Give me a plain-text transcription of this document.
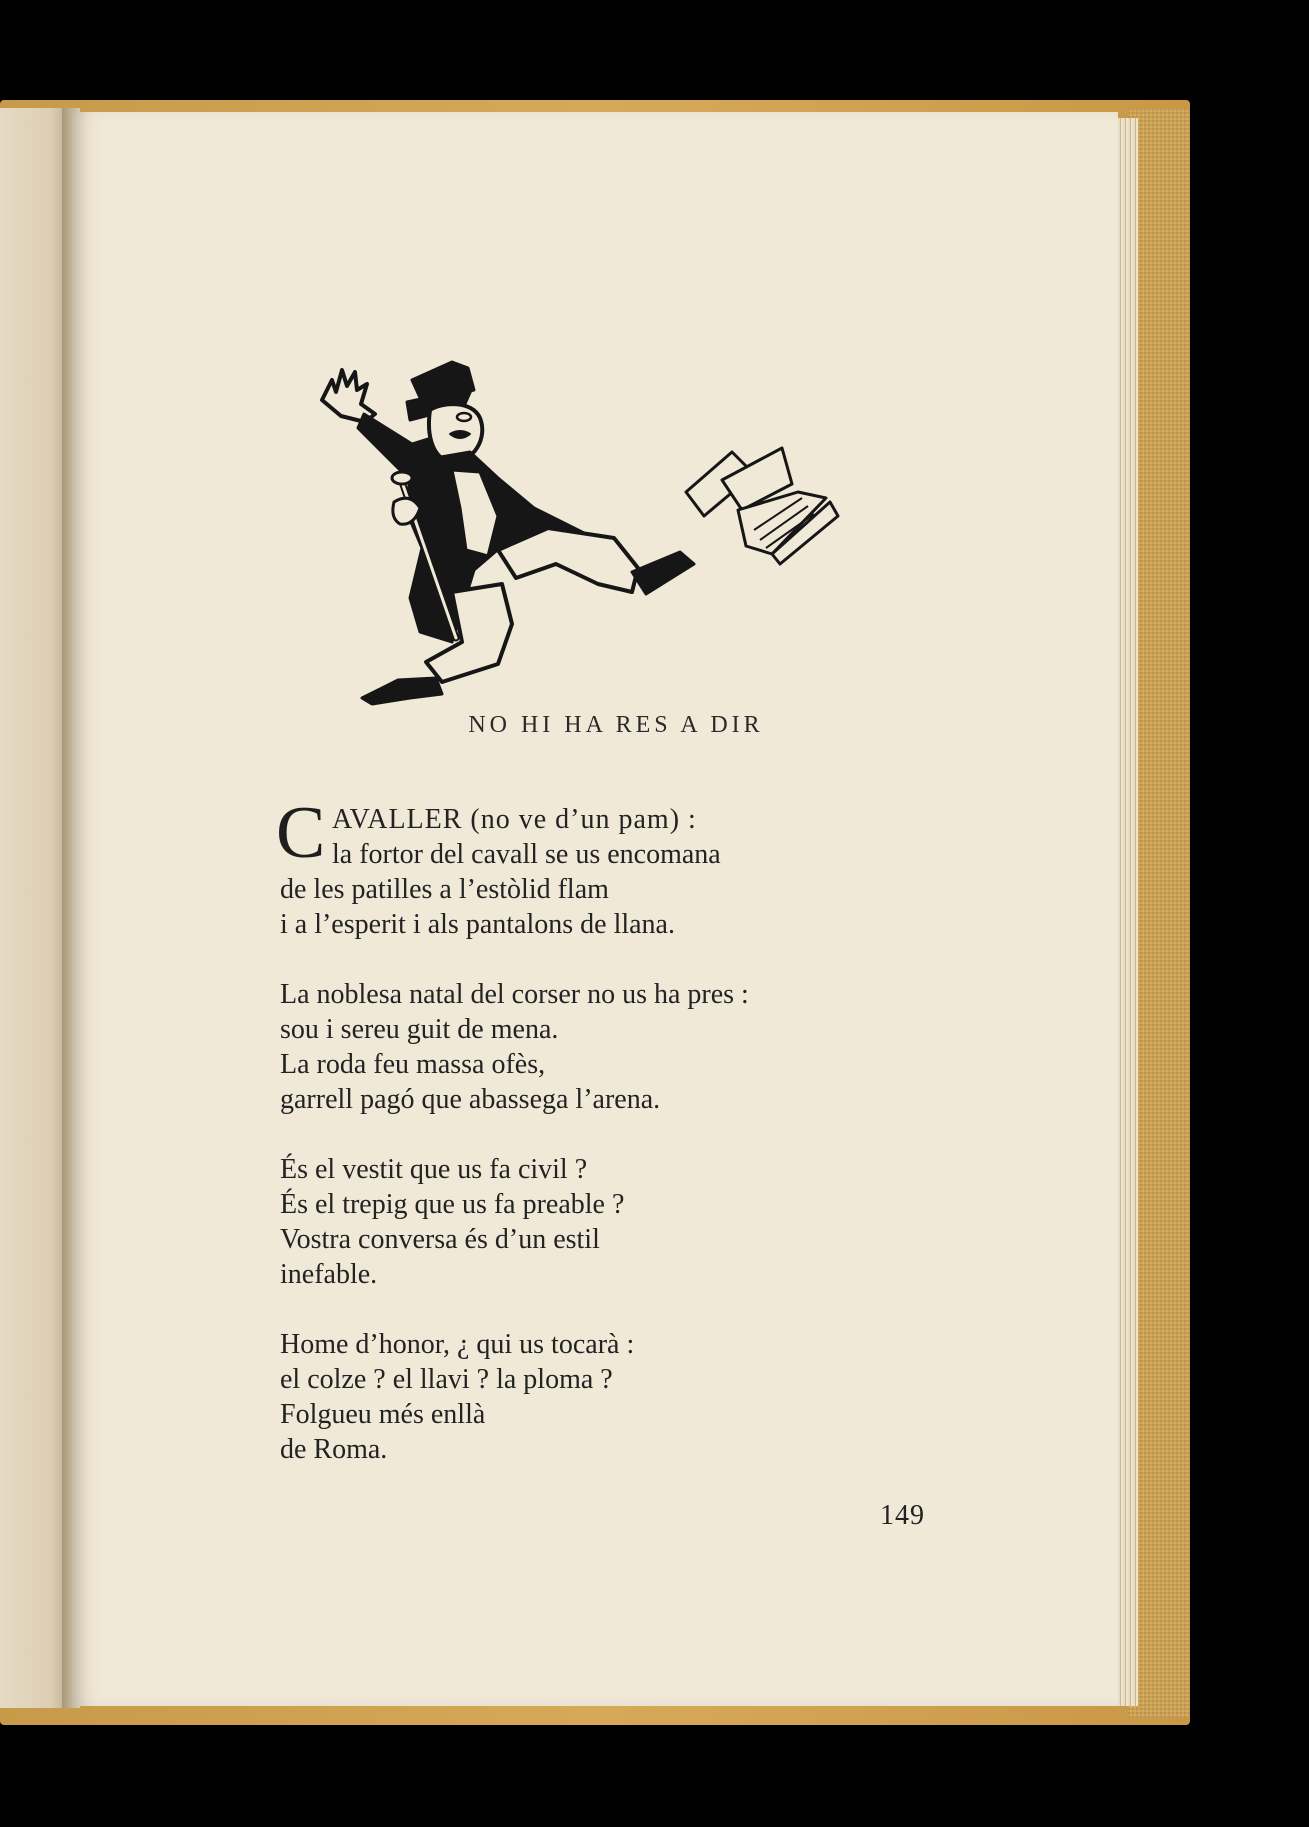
NO HI HA RES A DIR
C AVALLER (no ve d’un pam) :
la fortor del cavall se us encomana
de les patilles a l’estòlid flam
i a l’esperit i als pantalons de llana.
La noblesa natal del corser no us ha pres :
sou i sereu guit de mena.
La roda feu massa ofès,
garrell pagó que abassega l’arena.
És el vestit que us fa civil ?
És el trepig que us fa preable ?
Vostra conversa és d’un estil
inefable.
Home d’honor, ¿ qui us tocarà :
el colze ? el llavi ? la ploma ?
Folgueu més enllà
de Roma.
149
